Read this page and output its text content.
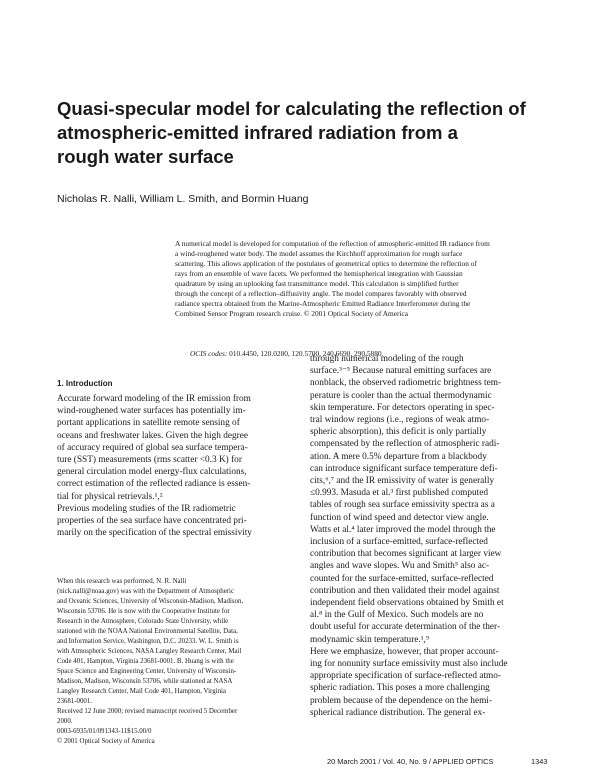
Quasi-specular model for calculating the reflection of
atmospheric-emitted infrared radiation from a
rough water surface

Nicholas R. Nalli, William L. Smith, and Bormin Huang

A numerical model is developed for computation of the reflection of atmospheric-emitted IR radiance from
a wind-roughened water body. The model assumes the Kirchhoff approximation for rough surface
scattering. This allows application of the postulates of geometrical optics to determine the reflection of
rays from an ensemble of wave facets. We performed the hemispherical integration with Gaussian
quadrature by using an uplooking fast transmittance model. This calculation is simplified further
through the concept of a reflection–diffusivity angle. The model compares favorably with observed
radiance spectra obtained from the Marine-Atmospheric Emitted Radiance Interferometer during the
Combined Sensor Program research cruise. © 2001 Optical Society of America

OCIS codes: 010.4450, 120.0280, 120.5700, 240.6690, 290.5880.

1. Introduction
Accurate forward modeling of the IR emission from
wind-roughened water surfaces has potentially im-
portant applications in satellite remote sensing of
oceans and freshwater lakes. Given the high degree
of accuracy required of global sea surface tempera-
ture (SST) measurements (rms scatter <0.3 K) for
general circulation model energy-flux calculations,
correct estimation of the reflected radiance is essen-
tial for physical retrievals.¹,²
Previous modeling studies of the IR radiometric
properties of the sea surface have concentrated pri-
marily on the specification of the spectral emissivity
through numerical modeling of the rough
surface.³⁻⁵ Because natural emitting surfaces are
nonblack, the observed radiometric brightness tem-
perature is cooler than the actual thermodynamic
skin temperature. For detectors operating in spec-
tral window regions (i.e., regions of weak atmo-
spheric absorption), this deficit is only partially
compensated by the reflection of atmospheric radi-
ation. A mere 0.5% departure from a blackbody
can introduce significant surface temperature defi-
cits,⁶,⁷ and the IR emissivity of water is generally
≤0.993. Masuda et al.³ first published computed
tables of rough sea surface emissivity spectra as a
function of wind speed and detector view angle.
Watts et al.⁴ later improved the model through the
inclusion of a surface-emitted, surface-reflected
contribution that becomes significant at larger view
angles and wave slopes. Wu and Smith⁵ also ac-
counted for the surface-emitted, surface-reflected
contribution and then validated their model against
independent field observations obtained by Smith et
al.⁸ in the Gulf of Mexico. Such models are no
doubt useful for accurate determination of the ther-
modynamic skin temperature.¹,⁹
Here we emphasize, however, that proper account-
ing for nonunity surface emissivity must also include
appropriate specification of surface-reflected atmo-
spheric radiation. This poses a more challenging
problem because of the dependence on the hemi-
spherical radiance distribution. The general ex-
When this research was performed, N. R. Nalli
(nick.nalli@noaa.gov) was with the Department of Atmospheric
and Oceanic Sciences, University of Wisconsin-Madison, Madison,
Wisconsin 53706. He is now with the Cooperative Institute for
Research in the Atmosphere, Colorado State University, while
stationed with the NOAA National Environmental Satellite, Data,
and Information Service, Washington, D.C. 20233. W. L. Smith is
with Atmospheric Sciences, NASA Langley Research Center, Mail
Code 401, Hampton, Virginia 23681-0001. B. Huang is with the
Space Science and Engineering Center, University of Wisconsin-
Madison, Madison, Wisconsin 53706, while stationed at NASA
Langley Research Center, Mail Code 401, Hampton, Virginia
23681-0001.
Received 12 June 2000; revised manuscript received 5 December
2000.
0003-6935/01/091343-11$15.00/0
© 2001 Optical Society of America

20 March 2001 / Vol. 40, No. 9 / APPLIED OPTICS	1343
